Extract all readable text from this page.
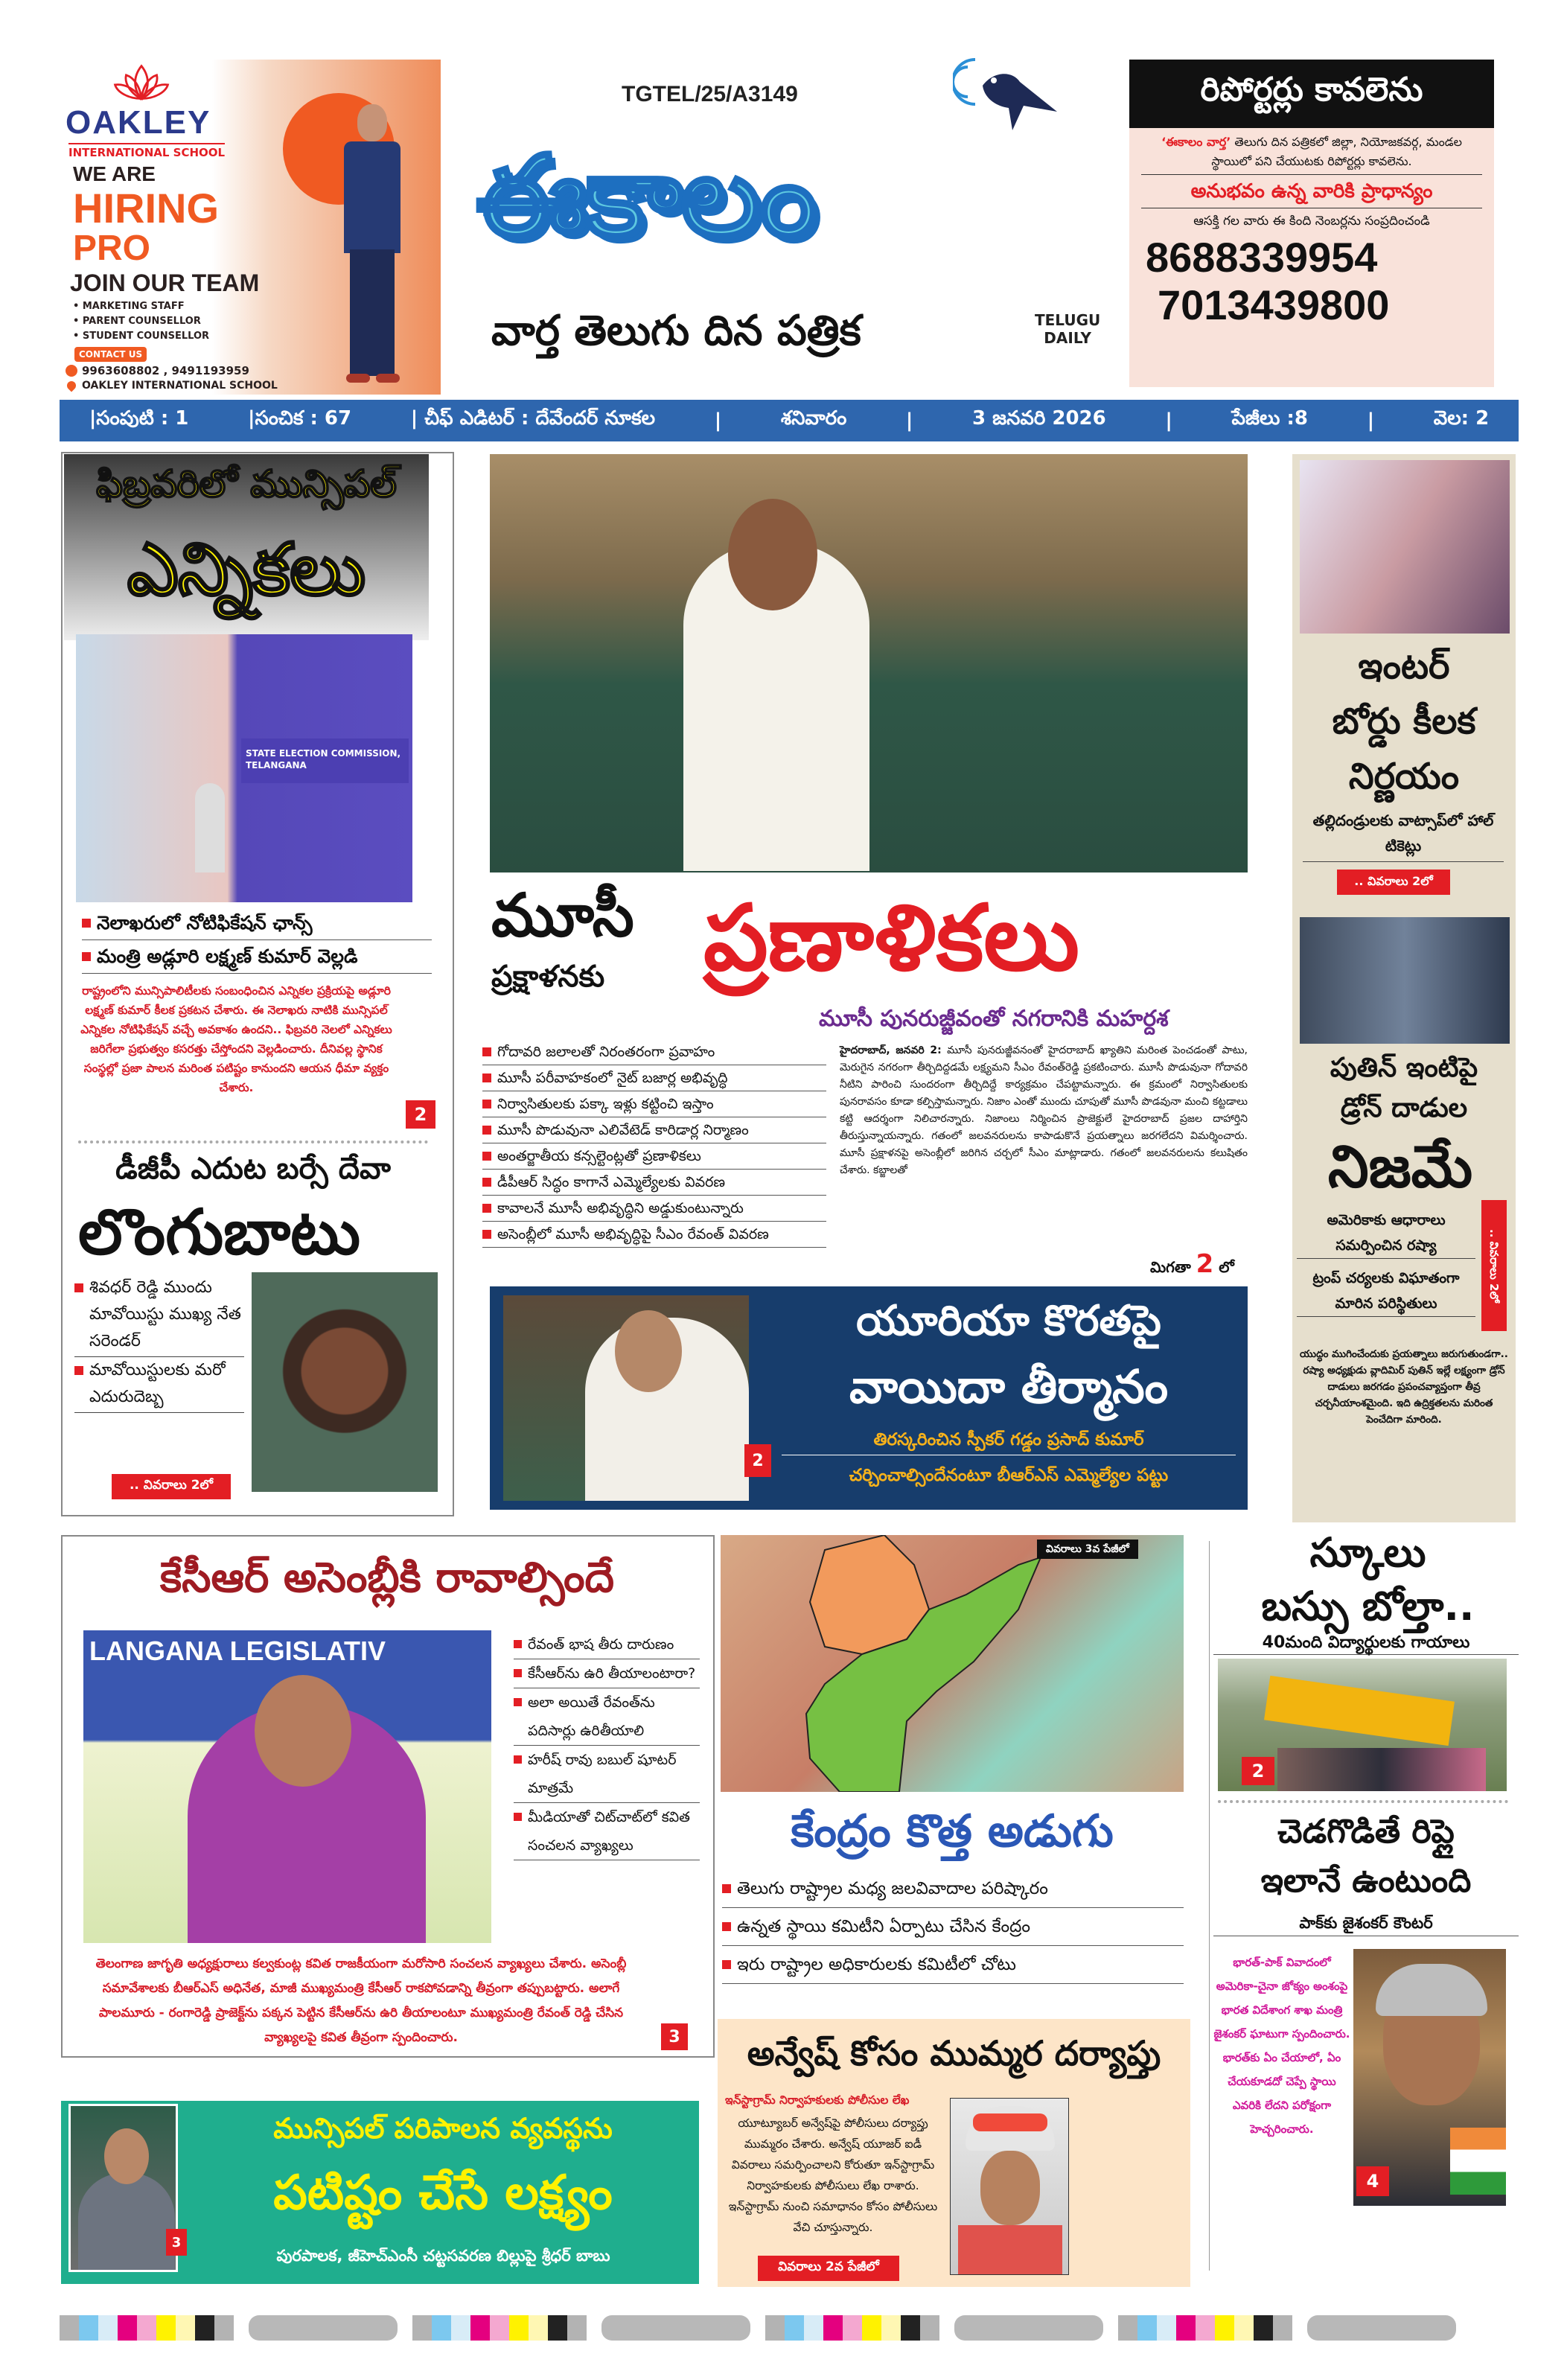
OAKLEY
INTERNATIONAL SCHOOL
WE ARE
HIRING
PRO
JOIN OUR TEAM
• MARKETING STAFF
• PARENT COUNSELLOR
• STUDENT COUNSELLOR
CONTACT US
9963608802 , 9491193959
OAKLEY INTERNATIONAL SCHOOL
TGTEL/25/A3149
ఈకాలం
వార్త తెలుగు దిన పత్రిక	TELUGU
DAILY
రిపోర్టర్లు కావలెను
‘ఈకాలం వార్త’ తెలుగు దిన పత్రికలో జిల్లా, నియోజకవర్గ, మండల స్థాయిలో పని చేయుటకు రిపోర్టర్లు కావలెను.
అనుభవం ఉన్న వారికి ప్రాధాన్యం
ఆసక్తి గల వారు ఈ కింది నెంబర్లను సంప్రదించండి
8688339954
7013439800
|సంపుటి : 1	|సంచిక : 67	| చీఫ్ ఎడిటర్ : దేవేందర్ నూకల	|	శనివారం	|	3 జనవరి 2026	|	పేజీలు :8	|	వెల: 2
ఫిబ్రవరిలో మున్సిపల్
ఎన్నికలు
STATE ELECTION COMMISSION, TELANGANA
నెలాఖరులో నోటిఫికేషన్ ఛాన్స్
మంత్రి అడ్లూరి లక్ష్మణ్ కుమార్ వెల్లడి
రాష్ట్రంలోని మున్సిపాలిటీలకు సంబంధించిన ఎన్నికల ప్రక్రియపై అడ్లూరి లక్ష్మణ్ కుమార్ కీలక ప్రకటన చేశారు. ఈ నెలాఖరు నాటికి మున్సిపల్ ఎన్నికల నోటిఫికేషన్ వచ్చే అవకాశం ఉందని.. ఫిబ్రవరి నెలలో ఎన్నికలు జరిగేలా ప్రభుత్వం కసరత్తు చేస్తోందని వెల్లడించారు. దీనివల్ల స్థానిక సంస్థల్లో ప్రజా పాలన మరింత పటిష్టం కానుందని ఆయన ధీమా వ్యక్తం చేశారు.
2
డీజీపీ ఎదుట బర్సే దేవా
లొంగుబాటు
శివధర్ రెడ్డి ముందు మావోయిస్టు ముఖ్య నేత సరెండర్
మావోయిస్టులకు మరో ఎదురుదెబ్బ
.. వివరాలు 2లో
మూసీ
ప్రక్షాళనకు ప్రణాళికలు
మూసీ పునరుజ్జీవంతో నగరానికి మహర్దశ
గోదావరి జలాలతో నిరంతరంగా ప్రవాహం
మూసీ పరీవాహకంలో నైట్ బజార్ల అభివృద్ధి
నిర్వాసితులకు పక్కా ఇళ్లు కట్టించి ఇస్తాం
మూసీ పొడువునా ఎలివేటెడ్ కారిడార్ల నిర్మాణం
అంతర్జాతీయ కన్సల్టెంట్లతో ప్రణాళికలు
డీపీఆర్ సిద్ధం కాగానే ఎమ్మెల్యేలకు వివరణ
కావాలనే మూసీ అభివృద్ధిని అడ్డుకుంటున్నారు
అసెంబ్లీలో మూసీ అభివృద్ధిపై సీఎం రేవంత్ వివరణ
హైదరాబాద్, జనవరి 2: మూసీ పునరుజ్జీవనంతో హైదరాబాద్ ఖ్యాతిని మరింత పెంచడంతో పాటు, మెరుగైన నగరంగా తీర్చిదిద్దడమే లక్ష్యమని సీఎం రేవంత్‌రెడ్డి ప్రకటించారు. మూసీ పొడువునా గోదావరి నీటిని పారించి సుందరంగా తీర్చిదిద్దే కార్యక్రమం చేపట్టామన్నారు. ఈ క్రమంలో నిర్వాసితులకు పునరావసం కూడా కల్పిస్తామన్నారు. నిజాం ఎంతో ముందు చూపుతో మూసీ పొడవునా మంచి కట్టడాలు కట్టి ఆదర్శంగా నిలిచారన్నారు. నిజాంలు నిర్మించిన ప్రాజెక్టులే హైదరాబాద్ ప్రజల దాహార్తిని తీరుస్తున్నాయన్నారు. గతంలో జలవనరులను కాపాడుకొనే ప్రయత్నాలు జరగలేదని విమర్శించారు. మూసీ ప్రక్షాళనపై అసెంబ్లీలో జరిగిన చర్చలో సీఎం మాట్లాడారు. గతంలో జలవనరులను కలుషితం చేశారు. కబ్జాలతో
మిగతా 2 లో
2
యూరియా కొరతపై
వాయిదా తీర్మానం
తిరస్కరించిన స్పీకర్ గడ్డం ప్రసాద్ కుమార్
చర్చించాల్సిందేనంటూ బీఆర్ఎస్ ఎమ్మెల్యేల పట్టు
ఇంటర్
బోర్డు కీలక
నిర్ణయం
తల్లిదండ్రులకు వాట్సాప్‌లో హాల్ టికెట్లు
.. వివరాలు 2లో
పుతిన్ ఇంటిపై
డ్రోన్ దాడుల
నిజమే
అమెరికాకు ఆధారాలు సమర్పించిన రష్యా
ట్రంప్ చర్యలకు విఘాతంగా మారిన పరిస్థితులు
.. వివరాలు 2లో
యుద్ధం ముగించేందుకు ప్రయత్నాలు జరుగుతుండగా.. రష్యా అధ్యక్షుడు వ్లాదిమిర్ పుతిన్ ఇల్లే లక్ష్యంగా డ్రోన్ దాడులు జరగడం ప్రపంచవ్యాప్తంగా తీవ్ర చర్చనీయాంశమైంది. ఇది ఉద్రిక్తతలను మరింత పెంచేదిగా మారింది.
కేసీఆర్ అసెంబ్లీకి రావాల్సిందే
LANGANA LEGISLATIV	రేవంత్ భాష తీరు దారుణం
కేసీఆర్‌ను ఉరి తీయాలంటారా?
అలా అయితే రేవంత్‌ను పదిసార్లు ఉరితీయాలి
హరీష్ రావు బబుల్ షూటర్ మాత్రమే
మీడియాతో చిట్‌చాట్‌లో కవిత సంచలన వ్యాఖ్యలు
తెలంగాణ జాగృతి అధ్యక్షురాలు కల్వకుంట్ల కవిత రాజకీయంగా మరోసారి సంచలన వ్యాఖ్యలు చేశారు. అసెంబ్లీ సమావేశాలకు బీఆర్ఎస్ అధినేత, మాజీ ముఖ్యమంత్రి కేసీఆర్ రాకపోవడాన్ని తీవ్రంగా తప్పుబట్టారు. అలాగే పాలమూరు - రంగారెడ్డి ప్రాజెక్ట్‌ను పక్కన పెట్టిన కేసీఆర్‌ను ఉరి తీయాలంటూ ముఖ్యమంత్రి రేవంత్ రెడ్డి చేసిన వ్యాఖ్యలపై కవిత తీవ్రంగా స్పందించారు.	3
3
మున్సిపల్ పరిపాలన వ్యవస్థను
పటిష్టం చేసే లక్ష్యం
పురపాలక, జీహెచ్ఎంసీ చట్టసవరణ బిల్లుపై శ్రీధర్ బాబు
వివరాలు 3వ పేజీలో
కేంద్రం కొత్త అడుగు
తెలుగు రాష్ట్రాల మధ్య జలవివాదాల పరిష్కారం
ఉన్నత స్థాయి కమిటీని ఏర్పాటు చేసిన కేంద్రం
ఇరు రాష్ట్రాల అధికారులకు కమిటీలో చోటు
అన్వేష్ కోసం ముమ్మర దర్యాప్తు
ఇన్‌స్టాగ్రామ్ నిర్వాహకులకు పోలీసుల లేఖ
యూట్యూబర్ అన్వేష్‌పై పోలీసులు దర్యాప్తు ముమ్మరం చేశారు. అన్వేష్ యూజర్ ఐడీ వివరాలు సమర్పించాలని కోరుతూ ఇన్‌స్టాగ్రామ్ నిర్వాహకులకు పోలీసులు లేఖ రాశారు. ఇన్‌స్టాగ్రామ్ నుంచి సమాధానం కోసం పోలీసులు వేచి చూస్తున్నారు.
వివరాలు 2వ పేజీలో
స్కూలు
బస్సు బోల్తా..
40మంది విద్యార్థులకు గాయాలు
2
చెడగొడితే రిప్లై
ఇలానే ఉంటుంది
పాక్‌కు జైశంకర్ కౌంటర్
భారత్-పాక్ వివాదంలో అమెరికా-చైనా జోక్యం అంశంపై భారత విదేశాంగ శాఖ మంత్రి జైశంకర్ ఘాటుగా స్పందించారు. భారత్‌కు ఏం చేయాలో, ఏం చేయకూడదో చెప్పే స్థాయి ఎవరికి లేదని పరోక్షంగా హెచ్చరించారు.
4
